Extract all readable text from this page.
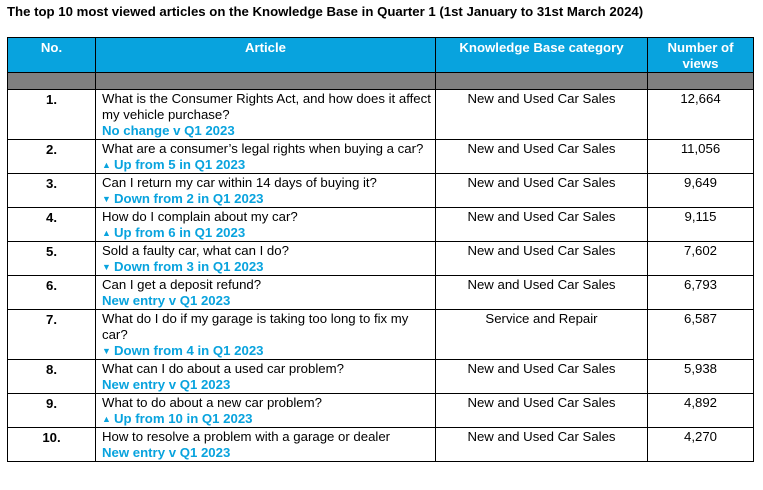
The top 10 most viewed articles on the Knowledge Base in Quarter 1 (1st January to 31st March 2024)
No.	Article	Knowledge Base category	Number of views

1.	What is the Consumer Rights Act, and how does it affect my vehicle purchase?
No change v Q1 2023	New and Used Car Sales	12,664
2.	What are a consumer’s legal rights when buying a car?
▲ Up from 5 in Q1 2023	New and Used Car Sales	11,056
3.	Can I return my car within 14 days of buying it?
▼ Down from 2 in Q1 2023	New and Used Car Sales	9,649
4.	How do I complain about my car?
▲ Up from 6 in Q1 2023	New and Used Car Sales	9,115
5.	Sold a faulty car, what can I do?
▼ Down from 3 in Q1 2023	New and Used Car Sales	7,602
6.	Can I get a deposit refund?
New entry v Q1 2023	New and Used Car Sales	6,793
7.	What do I do if my garage is taking too long to fix my car?
▼ Down from 4 in Q1 2023	Service and Repair	6,587
8.	What can I do about a used car problem?
New entry v Q1 2023	New and Used Car Sales	5,938
9.	What to do about a new car problem?
▲ Up from 10 in Q1 2023	New and Used Car Sales	4,892
10.	How to resolve a problem with a garage or dealer
New entry v Q1 2023	New and Used Car Sales	4,270
